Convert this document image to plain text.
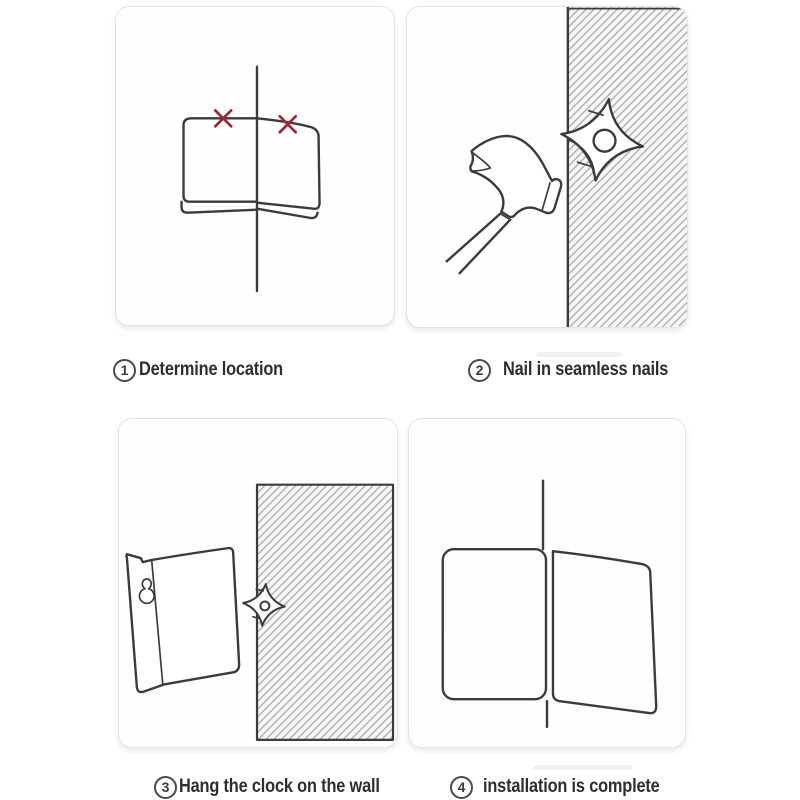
1 Determine location	2	Nail in seamless nails
3 Hang the clock on the wall	4 installation is complete
